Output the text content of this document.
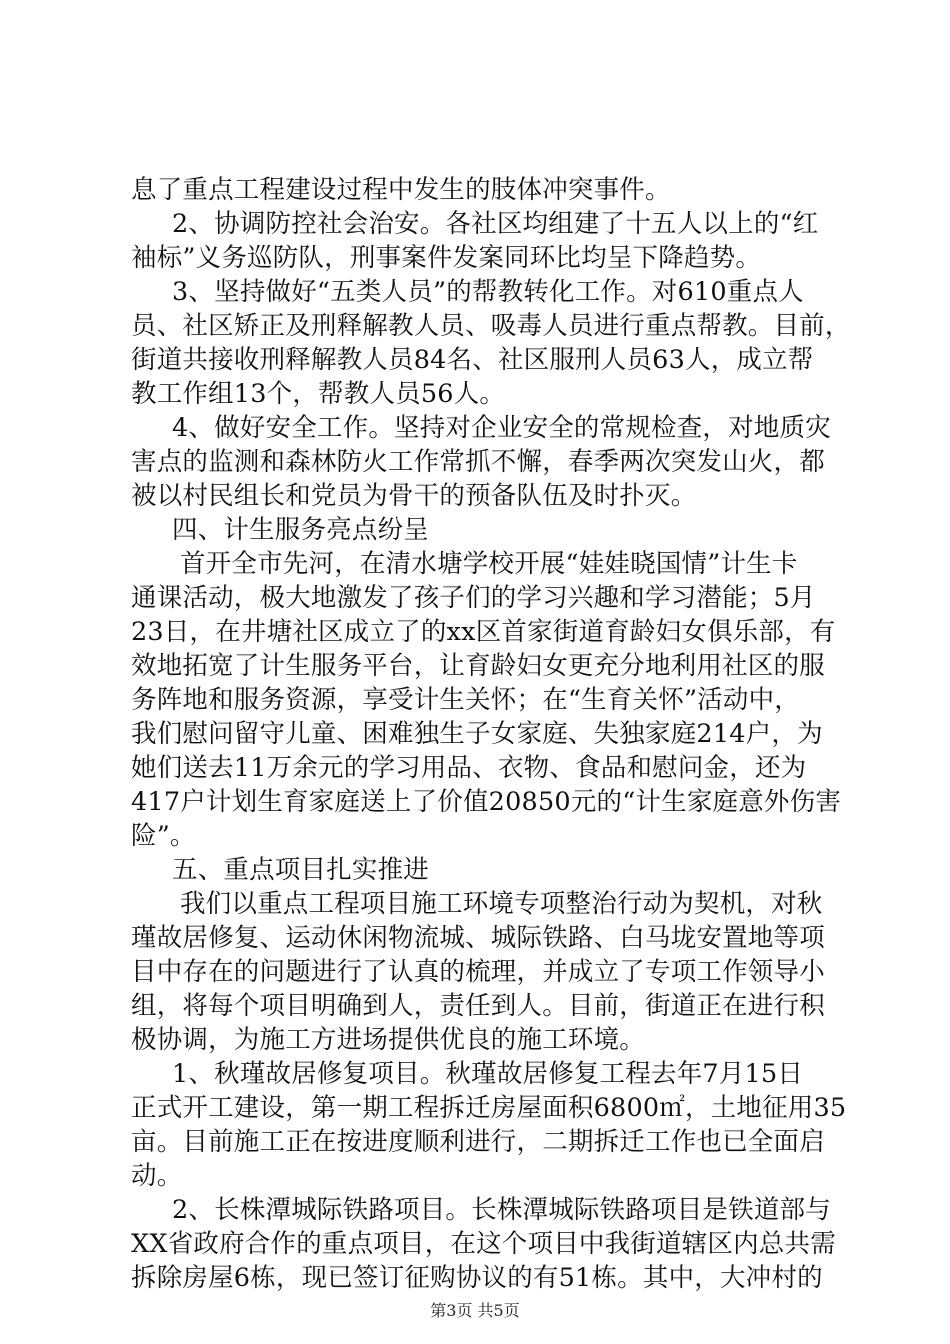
息了重点工程建设过程中发生的肢体冲突事件。
2、协调防控社会治安。各社区均组建了十五人以上的“红
袖标”义务巡防队，刑事案件发案同环比均呈下降趋势。
3、坚持做好“五类人员”的帮教转化工作。对610重点人
员、社区矫正及刑释解教人员、吸毒人员进行重点帮教。目前，
街道共接收刑释解教人员84名、社区服刑人员63人，成立帮
教工作组13个，帮教人员56人。
4、做好安全工作。坚持对企业安全的常规检查，对地质灾
害点的监测和森林防火工作常抓不懈，春季两次突发山火，都
被以村民组长和党员为骨干的预备队伍及时扑灭。
四、计生服务亮点纷呈
首开全市先河，在清水塘学校开展“娃娃晓国情”计生卡
通课活动，极大地激发了孩子们的学习兴趣和学习潜能；5月
23日，在井塘社区成立了的xx区首家街道育龄妇女俱乐部，有
效地拓宽了计生服务平台，让育龄妇女更充分地利用社区的服
务阵地和服务资源，享受计生关怀；在“生育关怀”活动中，
我们慰问留守儿童、困难独生子女家庭、失独家庭214户，为
她们送去11万余元的学习用品、衣物、食品和慰问金，还为
417户计划生育家庭送上了价值20850元的“计生家庭意外伤害
险”。
五、重点项目扎实推进
我们以重点工程项目施工环境专项整治行动为契机，对秋
瑾故居修复、运动休闲物流城、城际铁路、白马垅安置地等项
目中存在的问题进行了认真的梳理，并成立了专项工作领导小
组，将每个项目明确到人，责任到人。目前，街道正在进行积
极协调，为施工方进场提供优良的施工环境。
1、秋瑾故居修复项目。秋瑾故居修复工程去年7月15日
正式开工建设，第一期工程拆迁房屋面积6800㎡，土地征用35
亩。目前施工正在按进度顺利进行，二期拆迁工作也已全面启
动。
2、长株潭城际铁路项目。长株潭城际铁路项目是铁道部与
XX省政府合作的重点项目，在这个项目中我街道辖区内总共需
拆除房屋6栋，现已签订征购协议的有51栋。其中，大冲村的
第3页 共5页
